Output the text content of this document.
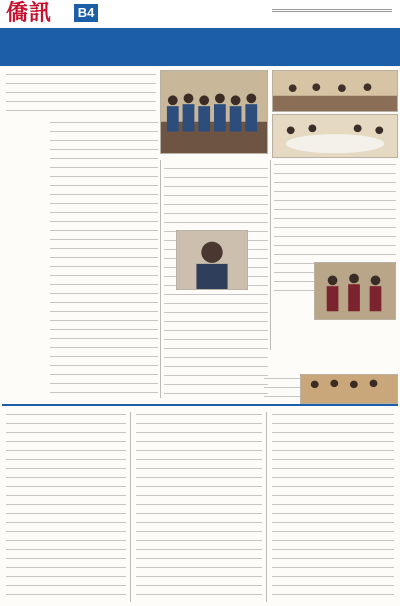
僑訊 B4
